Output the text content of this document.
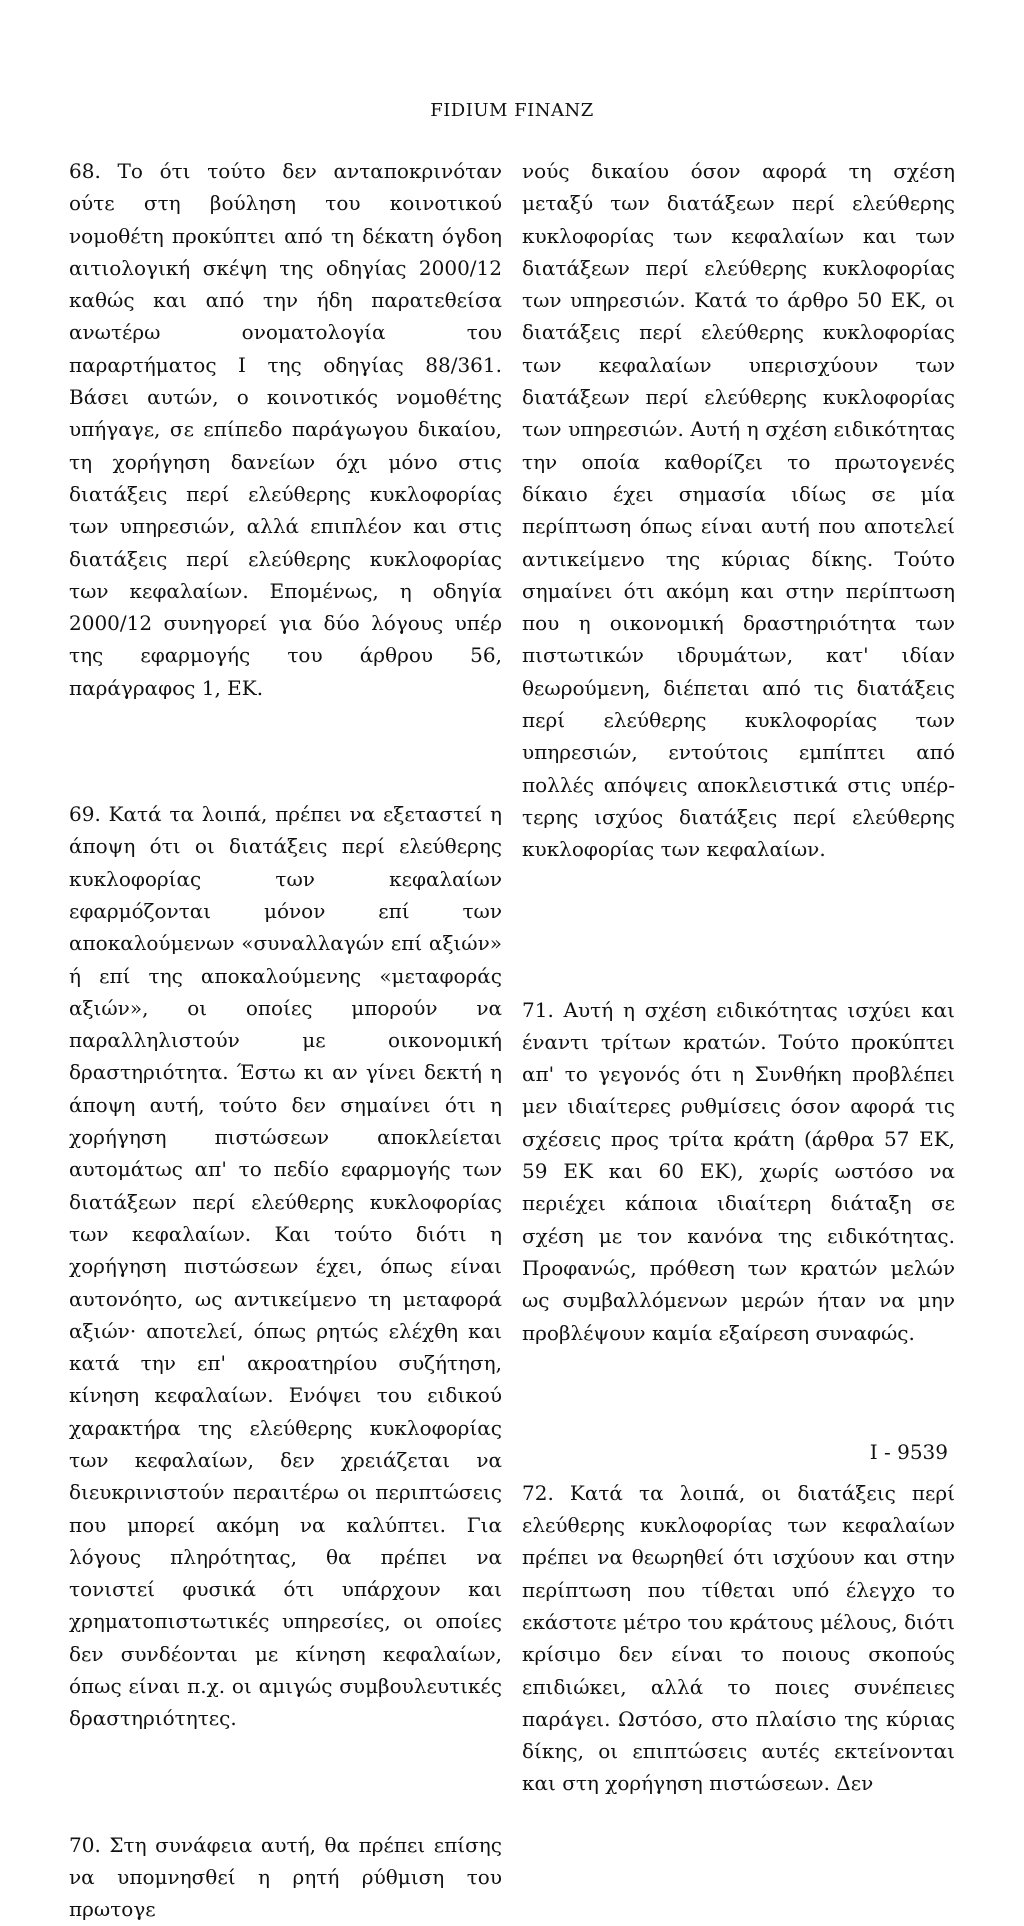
FIDIUM FINANZ

68. Το ότι τούτο δεν ανταποκρινόταν ούτε στη βούληση του κοινοτικού νομοθέτη προκύπτει από τη δέκατη όγδοη αιτιολογική σκέψη της οδηγίας 2000/12 καθώς και από την ήδη παρατεθείσα ανωτέρω ονοματολογία του παραρτήματος Ι της οδηγίας 88/361. Βάσει αυτών, ο κοινοτικός νομοθέτης υπήγαγε, σε επίπεδο παράγωγου δικαίου, τη χορήγηση δανείων όχι μόνο στις διατάξεις περί ελεύθερης κυκλοφορίας των υπηρεσιών, αλλά επιπλέον και στις διατάξεις περί ελεύθερης κυκλοφορίας των κεφαλαίων. Επομένως, η οδηγία 2000/12 συνηγορεί για δύο λόγους υπέρ της εφαρμογής του άρθρου 56, παράγραφος 1, ΕΚ.

69. Κατά τα λοιπά, πρέπει να εξεταστεί η άποψη ότι οι διατάξεις περί ελεύθερης κυκλοφορίας των κεφαλαίων εφαρμόζονται μόνον επί των αποκαλούμενων «συναλλαγών επί αξιών» ή επί της αποκαλούμενης «μεταφοράς αξιών», οι οποίες μπορούν να παραλληλιστούν με οικονομική δραστηριότητα. Έστω κι αν γίνει δεκτή η άποψη αυτή, τούτο δεν σημαίνει ότι η χορήγηση πιστώσεων αποκλείεται αυτομάτως απ' το πεδίο εφαρμογής των διατάξεων περί ελεύθερης κυκλοφορίας των κεφαλαίων. Και τούτο διότι η χορήγηση πιστώσεων έχει, όπως είναι αυτονόητο, ως αντικείμενο τη μεταφορά αξιών· αποτελεί, όπως ρητώς ελέχθη και κατά την επ' ακροατηρίου συζήτηση, κίνηση κεφαλαίων. Ενόψει του ειδικού χαρακτήρα της ελεύθερης κυκλοφορίας των κεφαλαίων, δεν χρειάζεται να διευκρινιστούν περαιτέρω οι περιπτώσεις που μπορεί ακόμη να καλύπτει. Για λόγους πληρότητας, θα πρέπει να τονιστεί φυσικά ότι υπάρχουν και χρηματοπιστωτικές υπηρεσίες, οι οποίες δεν συνδέονται με κίνηση κεφαλαίων, όπως είναι π.χ. οι αμιγώς συμβουλευτικές δραστηριότητες.

70. Στη συνάφεια αυτή, θα πρέπει επίσης να υπομνησθεί η ρητή ρύθμιση του πρωτογε

νούς δικαίου όσον αφορά τη σχέση μεταξύ των διατάξεων περί ελεύθερης κυκλοφορίας των κεφαλαίων και των διατάξεων περί ελεύθερης κυκλοφορίας των υπηρεσιών. Κατά το άρθρο 50 ΕΚ, οι διατάξεις περί ελεύθερης κυκλοφορίας των κεφαλαίων υπερισχύουν των διατάξεων περί ελεύθερης κυκλοφορίας των υπηρεσιών. Αυτή η σχέση ειδικότητας την οποία καθορίζει το πρωτογενές δίκαιο έχει σημασία ιδίως σε μία περίπτωση όπως είναι αυτή που αποτελεί αντικείμενο της κύριας δίκης. Τούτο σημαίνει ότι ακόμη και στην περίπτωση που η οικονομική δραστηριότητα των πιστωτικών ιδρυμάτων, κατ' ιδίαν θεωρούμενη, διέπεται από τις διατάξεις περί ελεύθερης κυκλοφορίας των υπηρεσιών, εντούτοις εμπίπτει από πολλές απόψεις αποκλειστικά στις υπέρτερης ισχύος διατάξεις περί ελεύθερης κυκλοφορίας των κεφαλαίων.

71. Αυτή η σχέση ειδικότητας ισχύει και έναντι τρίτων κρατών. Τούτο προκύπτει απ' το γεγονός ότι η Συνθήκη προβλέπει μεν ιδιαίτερες ρυθμίσεις όσον αφορά τις σχέσεις προς τρίτα κράτη (άρθρα 57 ΕΚ, 59 ΕΚ και 60 ΕΚ), χωρίς ωστόσο να περιέχει κάποια ιδιαίτερη διάταξη σε σχέση με τον κανόνα της ειδικότητας. Προφανώς, πρόθεση των κρατών μελών ως συμβαλλόμενων μερών ήταν να μην προβλέψουν καμία εξαίρεση συναφώς.

72. Κατά τα λοιπά, οι διατάξεις περί ελεύθερης κυκλοφορίας των κεφαλαίων πρέπει να θεωρηθεί ότι ισχύουν και στην περίπτωση που τίθεται υπό έλεγχο το εκάστοτε μέτρο του κράτους μέλους, διότι κρίσιμο δεν είναι το ποιους σκοπούς επιδιώκει, αλλά το ποιες συνέπειες παράγει. Ωστόσο, στο πλαίσιο της κύριας δίκης, οι επιπτώσεις αυτές εκτείνονται και στη χορήγηση πιστώσεων. Δεν

I - 9539
